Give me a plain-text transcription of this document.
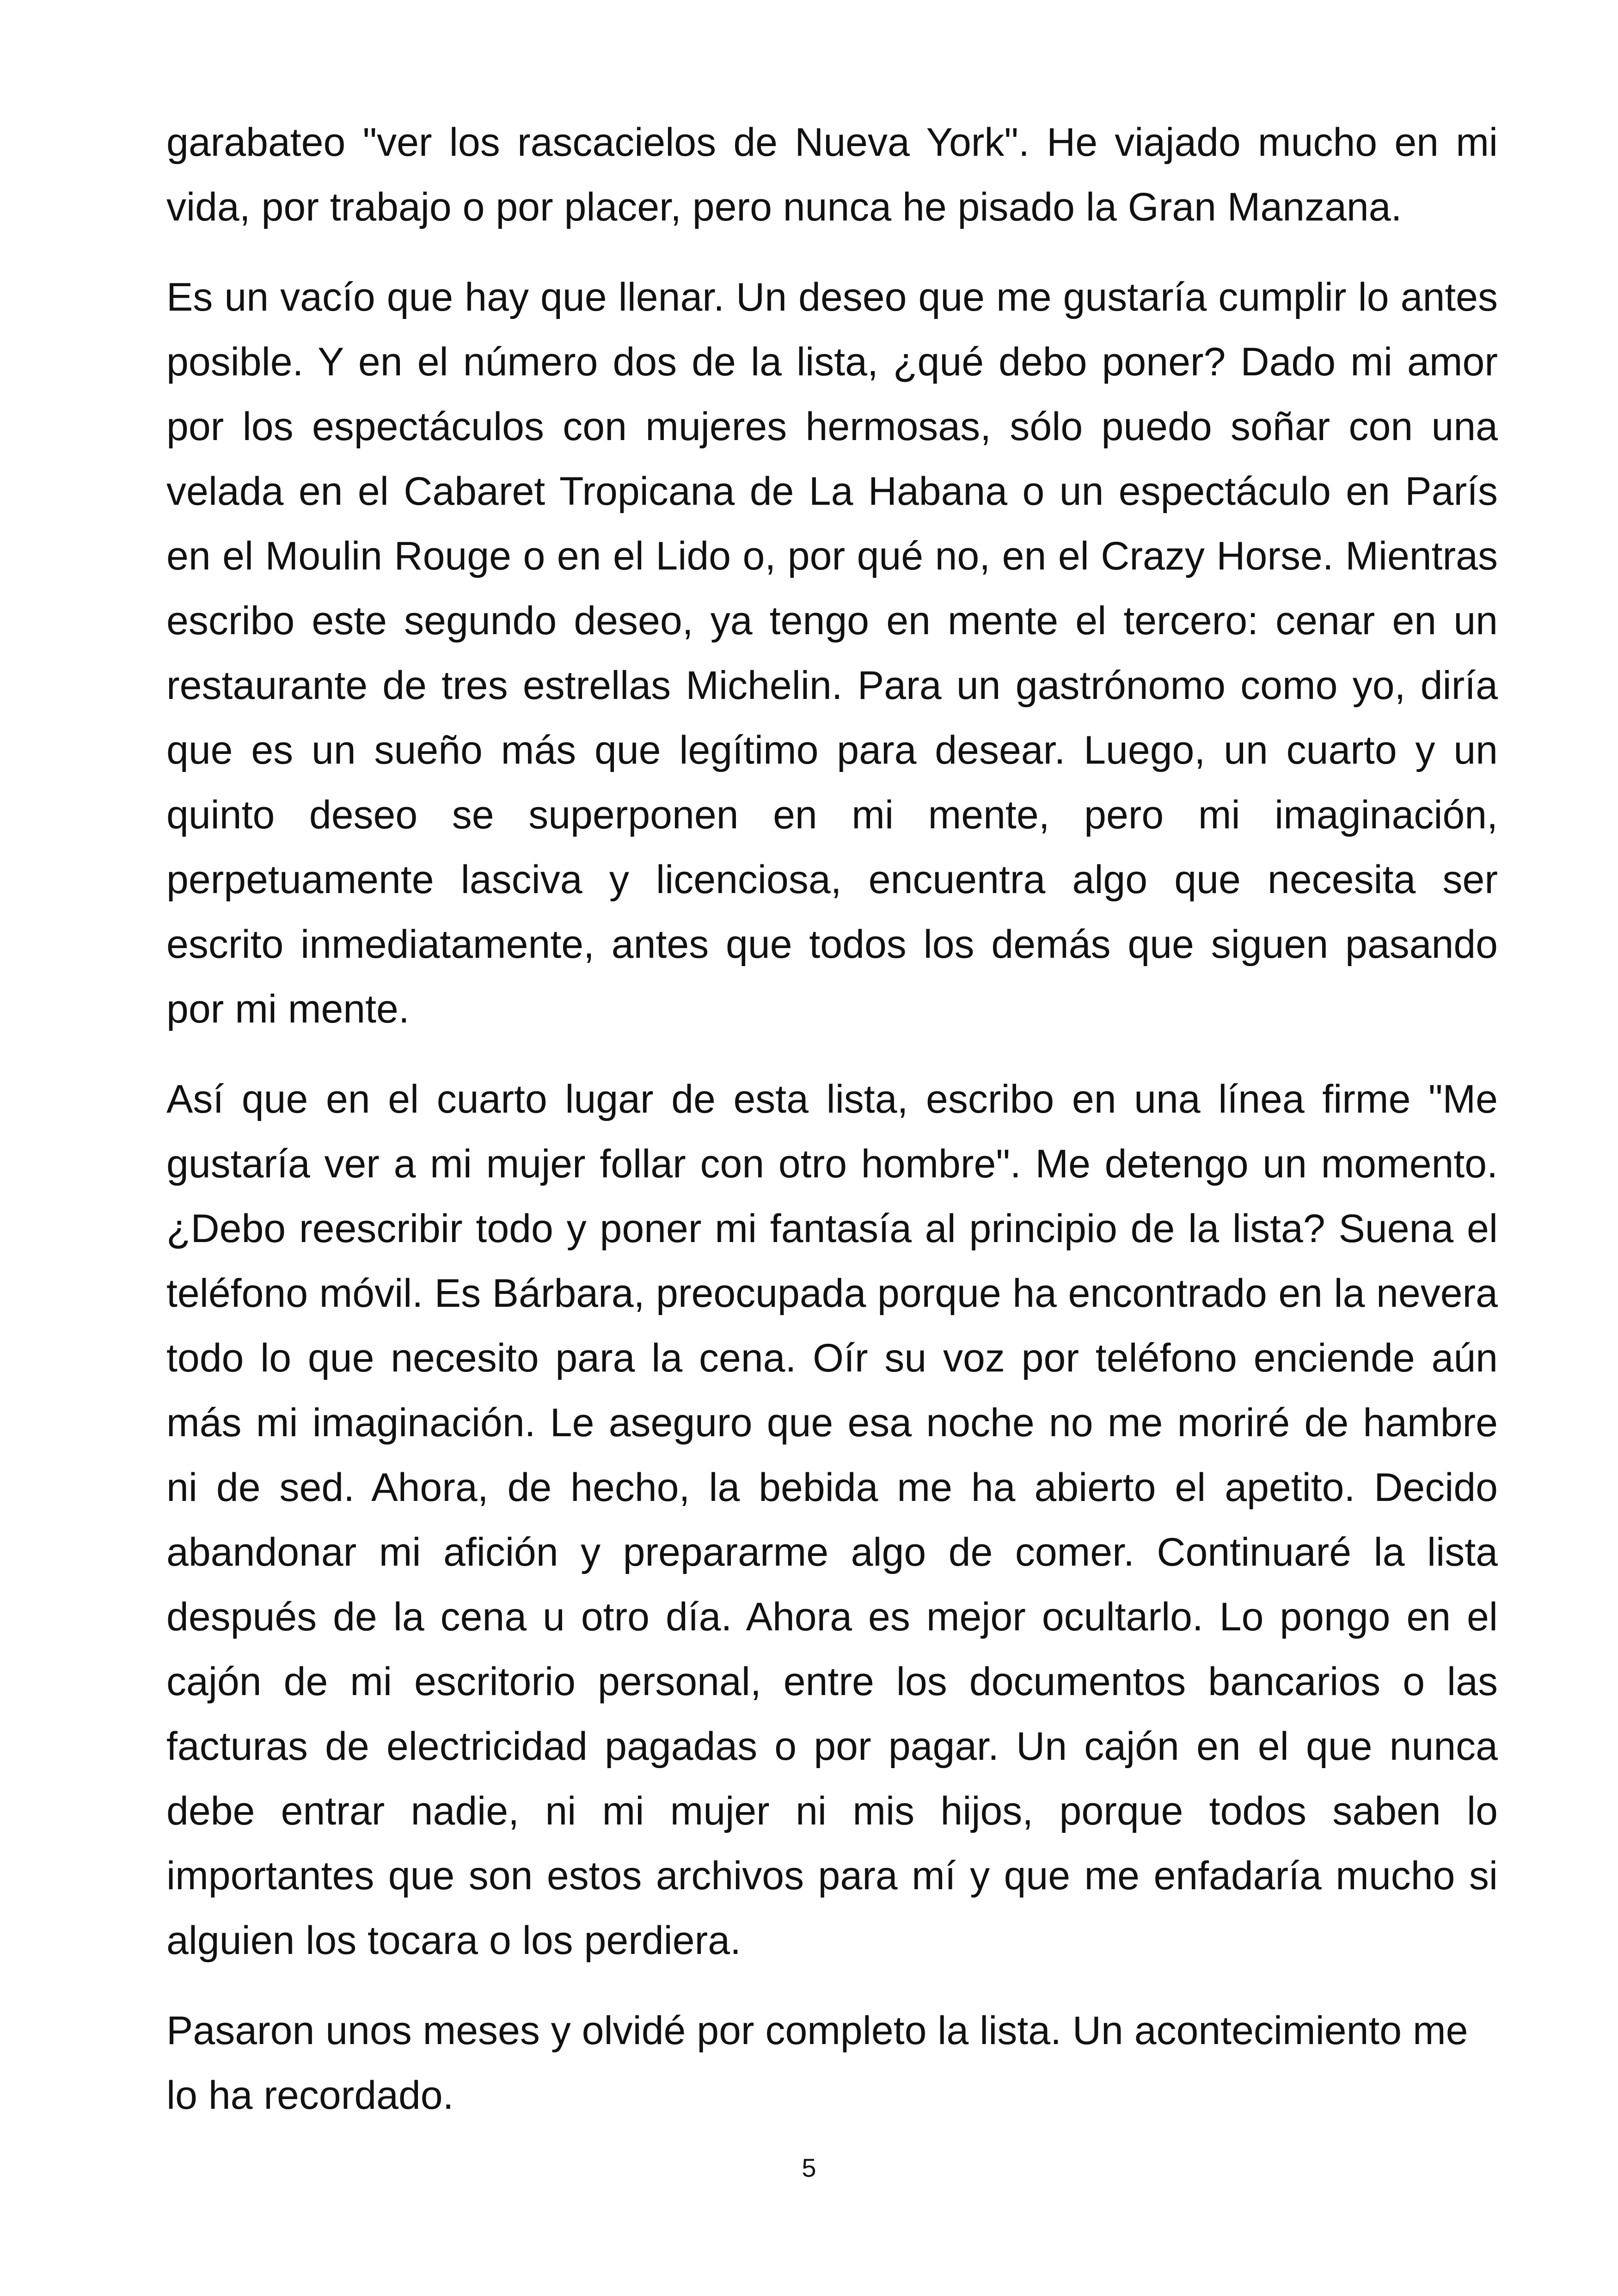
garabateo "ver los rascacielos de Nueva York". He viajado mucho en mi vida, por trabajo o por placer, pero nunca he pisado la Gran Manzana.

Es un vacío que hay que llenar. Un deseo que me gustaría cumplir lo antes posible. Y en el número dos de la lista, ¿qué debo poner? Dado mi amor por los espectáculos con mujeres hermosas, sólo puedo soñar con una velada en el Cabaret Tropicana de La Habana o un espectáculo en París en el Moulin Rouge o en el Lido o, por qué no, en el Crazy Horse. Mientras escribo este segundo deseo, ya tengo en mente el tercero: cenar en un restaurante de tres estrellas Michelin. Para un gastrónomo como yo, diría que es un sueño más que legítimo para desear. Luego, un cuarto y un quinto deseo se superponen en mi mente, pero mi imaginación, perpetuamente lasciva y licenciosa, encuentra algo que necesita ser escrito inmediatamente, antes que todos los demás que siguen pasando por mi mente.

Así que en el cuarto lugar de esta lista, escribo en una línea firme "Me gustaría ver a mi mujer follar con otro hombre". Me detengo un momento. ¿Debo reescribir todo y poner mi fantasía al principio de la lista? Suena el teléfono móvil. Es Bárbara, preocupada porque ha encontrado en la nevera todo lo que necesito para la cena. Oír su voz por teléfono enciende aún más mi imaginación. Le aseguro que esa noche no me moriré de hambre ni de sed. Ahora, de hecho, la bebida me ha abierto el apetito. Decido abandonar mi afición y prepararme algo de comer. Continuaré la lista después de la cena u otro día. Ahora es mejor ocultarlo. Lo pongo en el cajón de mi escritorio personal, entre los documentos bancarios o las facturas de electricidad pagadas o por pagar. Un cajón en el que nunca debe entrar nadie, ni mi mujer ni mis hijos, porque todos saben lo importantes que son estos archivos para mí y que me enfadaría mucho si alguien los tocara o los perdiera.

Pasaron unos meses y olvidé por completo la lista. Un acontecimiento me lo ha recordado.

5
